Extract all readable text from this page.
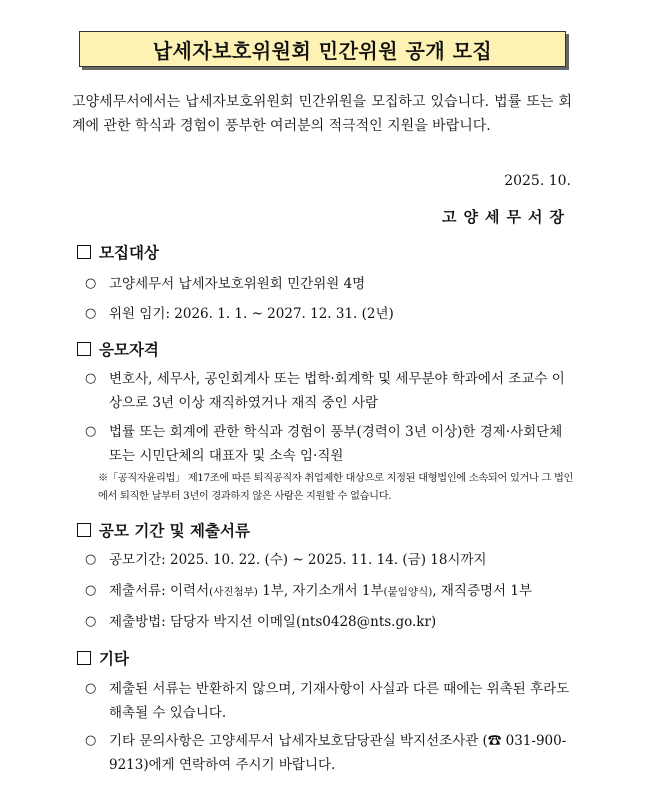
납세자보호위원회 민간위원 공개 모집
고양세무서에서는 납세자보호위원회 민간위원을 모집하고 있습니다. 법률 또는 회계에 관한 학식과 경험이 풍부한 여러분의 적극적인 지원을 바랍니다.
2025. 10.
고양세무서장
모집대상
○ 고양세무서 납세자보호위원회 민간위원 4명
○ 위원 임기: 2026. 1. 1. ~ 2027. 12. 31. (2년)
응모자격
○ 변호사, 세무사, 공인회계사 또는 법학·회계학 및 세무분야 학과에서 조교수 이상으로 3년 이상 재직하였거나 재직 중인 사람
○ 법률 또는 회계에 관한 학식과 경험이 풍부(경력이 3년 이상)한 경제·사회단체 또는 시민단체의 대표자 및 소속 임·직원
※「공직자윤리법」 제17조에 따른 퇴직공직자 취업제한 대상으로 지정된 대형법인에 소속되어 있거나 그 법인에서 퇴직한 날부터 3년이 경과하지 않은 사람은 지원할 수 없습니다.
공모 기간 및 제출서류
○ 공모기간: 2025. 10. 22. (수) ~ 2025. 11. 14. (금) 18시까지
○ 제출서류: 이력서(사진첨부) 1부, 자기소개서 1부(붙임양식), 재직증명서 1부
○ 제출방법: 담당자 박지선 이메일(nts0428@nts.go.kr)
기타
○ 제출된 서류는 반환하지 않으며, 기재사항이 사실과 다른 때에는 위촉된 후라도 해촉될 수 있습니다.
○ 기타 문의사항은 고양세무서 납세자보호담당관실 박지선조사관 (☎ 031-900-9213)에게 연락하여 주시기 바랍니다.
